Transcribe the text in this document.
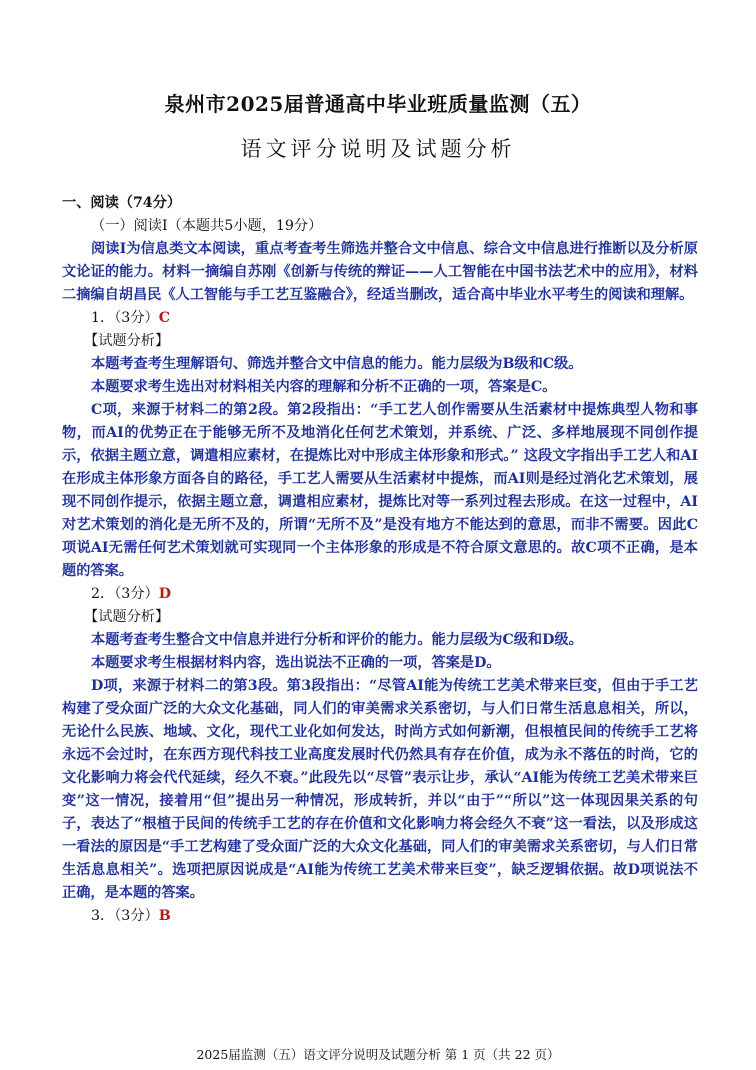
泉州市2025届普通高中毕业班质量监测（五）
语文评分说明及试题分析
一、阅读（74分）
（一）阅读Ⅰ（本题共5小题，19分）
阅读Ⅰ为信息类文本阅读，重点考查考生筛选并整合文中信息、综合文中信息进行推断以及分析原文论证的能力。材料一摘编自苏刚《创新与传统的辩证——人工智能在中国书法艺术中的应用》，材料二摘编自胡昌民《人工智能与手工艺互鉴融合》，经适当删改，适合高中毕业水平考生的阅读和理解。
1．（3分）C
【试题分析】
本题考查考生理解语句、筛选并整合文中信息的能力。能力层级为B级和C级。
本题要求考生选出对材料相关内容的理解和分析不正确的一项，答案是C。
C项，来源于材料二的第2段。第2段指出：“手工艺人创作需要从生活素材中提炼典型人物和事物，而AI的优势正在于能够无所不及地消化任何艺术策划，并系统、广泛、多样地展现不同创作提示，依据主题立意，调遣相应素材，在提炼比对中形成主体形象和形式。” 这段文字指出手工艺人和AI在形成主体形象方面各自的路径，手工艺人需要从生活素材中提炼，而AI则是经过消化艺术策划，展现不同创作提示，依据主题立意，调遣相应素材，提炼比对等一系列过程去形成。在这一过程中，AI对艺术策划的消化是无所不及的，所谓“无所不及”是没有地方不能达到的意思，而非不需要。因此C项说AI无需任何艺术策划就可实现同一个主体形象的形成是不符合原文意思的。故C项不正确，是本题的答案。
2．（3分）D
【试题分析】
本题考查考生整合文中信息并进行分析和评价的能力。能力层级为C级和D级。
本题要求考生根据材料内容，选出说法不正确的一项，答案是D。
D项，来源于材料二的第3段。第3段指出：“尽管AI能为传统工艺美术带来巨变，但由于手工艺构建了受众面广泛的大众文化基础，同人们的审美需求关系密切，与人们日常生活息息相关，所以，无论什么民族、地域、文化，现代工业化如何发达，时尚方式如何新潮，但根植民间的传统手工艺将永远不会过时，在东西方现代科技工业高度发展时代仍然具有存在价值，成为永不落伍的时尚，它的文化影响力将会代代延续，经久不衰。”此段先以“尽管”表示让步，承认“AI能为传统工艺美术带来巨变”这一情况，接着用“但”提出另一种情况，形成转折，并以“由于”“所以”这一体现因果关系的句子，表达了“根植于民间的传统手工艺的存在价值和文化影响力将会经久不衰”这一看法，以及形成这一看法的原因是“手工艺构建了受众面广泛的大众文化基础，同人们的审美需求关系密切，与人们日常生活息息相关”。选项把原因说成是“AI能为传统工艺美术带来巨变”，缺乏逻辑依据。故D项说法不正确，是本题的答案。
3．（3分）B
2025届监测（五）语文评分说明及试题分析 第 1 页（共 22 页）
